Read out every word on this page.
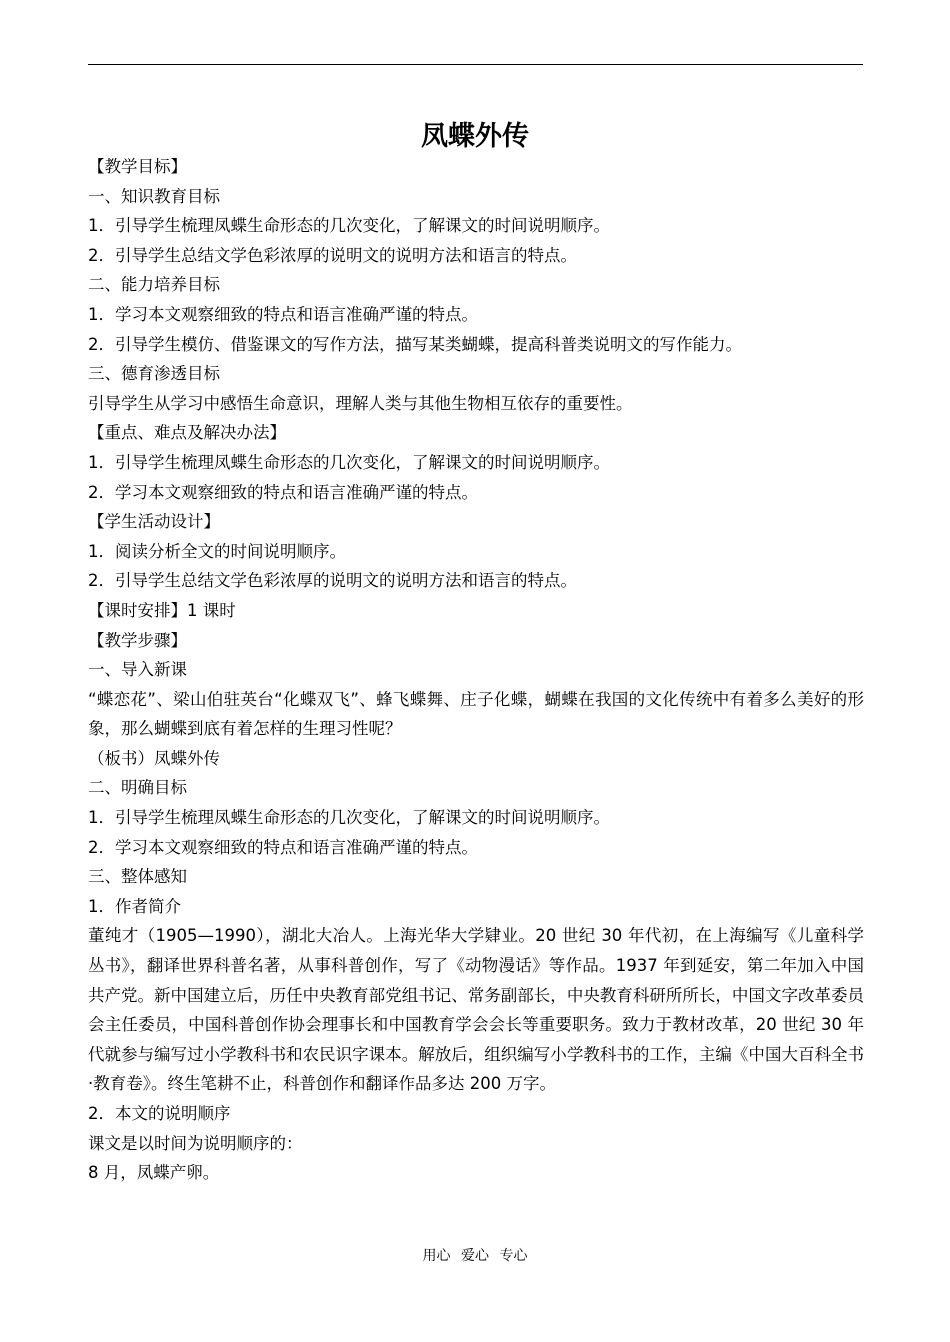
凤蝶外传

【教学目标】

一、知识教育目标

1．引导学生梳理凤蝶生命形态的几次变化，了解课文的时间说明顺序。

2．引导学生总结文学色彩浓厚的说明文的说明方法和语言的特点。

二、能力培养目标

1．学习本文观察细致的特点和语言准确严谨的特点。

2．引导学生模仿、借鉴课文的写作方法，描写某类蝴蝶，提高科普类说明文的写作能力。

三、德育渗透目标

引导学生从学习中感悟生命意识，理解人类与其他生物相互依存的重要性。

【重点、难点及解决办法】

1．引导学生梳理凤蝶生命形态的几次变化，了解课文的时间说明顺序。

2．学习本文观察细致的特点和语言准确严谨的特点。

【学生活动设计】

1．阅读分析全文的时间说明顺序。

2．引导学生总结文学色彩浓厚的说明文的说明方法和语言的特点。

【课时安排】1 课时

【教学步骤】

一、导入新课

“蝶恋花”、梁山伯驻英台“化蝶双飞”、蜂飞蝶舞、庄子化蝶，蝴蝶在我国的文化传统中有着多么美好的形象，那么蝴蝶到底有着怎样的生理习性呢？

（板书）凤蝶外传

二、明确目标

1．引导学生梳理凤蝶生命形态的几次变化，了解课文的时间说明顺序。

2．学习本文观察细致的特点和语言准确严谨的特点。

三、整体感知

1．作者简介

董纯才（1905—1990），湖北大冶人。上海光华大学肄业。20 世纪 30 年代初，在上海编写《儿童科学丛书》，翻译世界科普名著，从事科普创作，写了《动物漫话》等作品。1937 年到延安，第二年加入中国共产党。新中国建立后，历任中央教育部党组书记、常务副部长，中央教育科研所所长，中国文字改革委员会主任委员，中国科普创作协会理事长和中国教育学会会长等重要职务。致力于教材改革，20 世纪 30 年代就参与编写过小学教科书和农民识字课本。解放后，组织编写小学教科书的工作，主编《中国大百科全书·教育卷》。终生笔耕不止，科普创作和翻译作品多达 200 万字。

2．本文的说明顺序

课文是以时间为说明顺序的：

8 月，凤蝶产卵。

用心 爱心 专心
